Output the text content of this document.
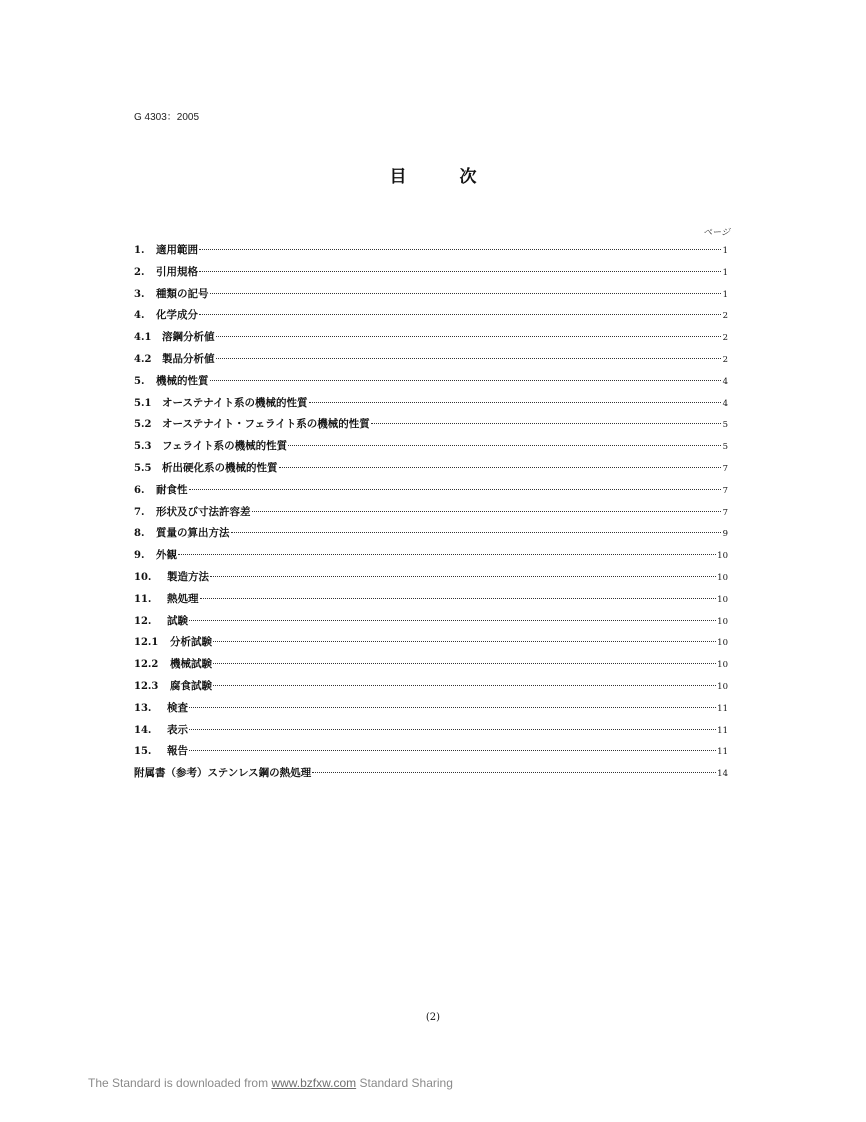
G 4303：2005
目　次
ページ
1.	適用範囲	1
2.	引用規格	1
3.	種類の記号	1
4.	化学成分	2
4.1	溶鋼分析値	2
4.2	製品分析値	2
5.	機械的性質	4
5.1	オーステナイト系の機械的性質	4
5.2	オーステナイト・フェライト系の機械的性質	5
5.3	フェライト系の機械的性質	5
5.5	析出硬化系の機械的性質	7
6.	耐食性	7
7.	形状及び寸法許容差	7
8.	質量の算出方法	9
9.	外観	10
10.	製造方法	10
11.	熱処理	10
12.	試験	10
12.1	分析試験	10
12.2	機械試験	10
12.3	腐食試験	10
13.	検査	11
14.	表示	11
15.	報告	11
附属書（参考）ステンレス鋼の熱処理	14
(2)
The Standard is downloaded from www.bzfxw.com Standard Sharing
